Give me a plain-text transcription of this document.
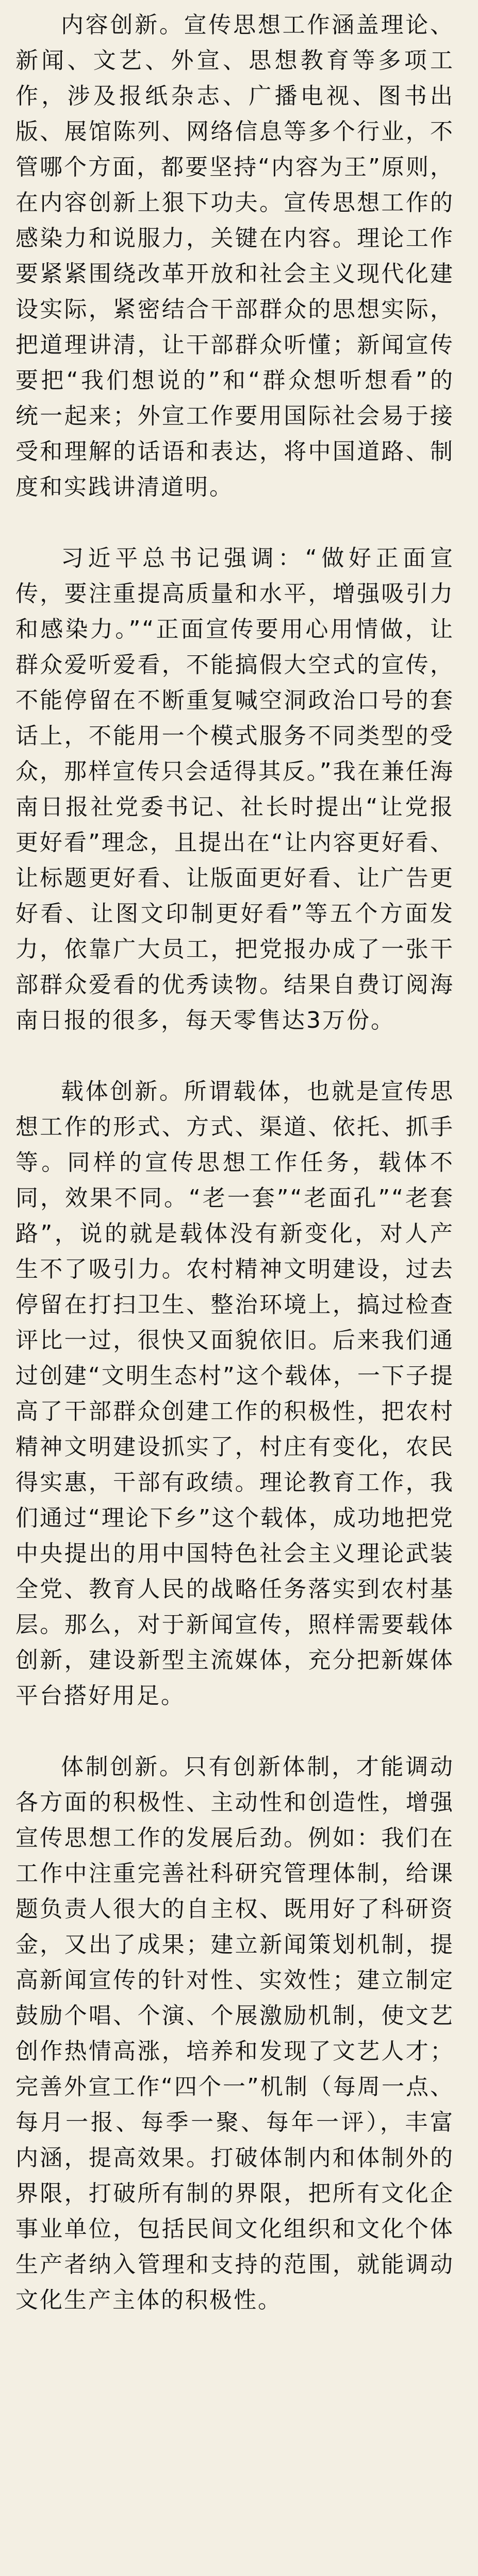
内容创新。宣传思想工作涵盖理论、新闻、文艺、外宣、思想教育等多项工作，涉及报纸杂志、广播电视、图书出版、展馆陈列、网络信息等多个行业，不管哪个方面，都要坚持“内容为王”原则，在内容创新上狠下功夫。宣传思想工作的感染力和说服力，关键在内容。理论工作要紧紧围绕改革开放和社会主义现代化建设实际，紧密结合干部群众的思想实际，把道理讲清，让干部群众听懂；新闻宣传要把“我们想说的”和“群众想听想看”的统一起来；外宣工作要用国际社会易于接受和理解的话语和表达，将中国道路、制度和实践讲清道明。

习近平总书记强调：“做好正面宣传，要注重提高质量和水平，增强吸引力和感染力。”“正面宣传要用心用情做，让群众爱听爱看，不能搞假大空式的宣传，不能停留在不断重复喊空洞政治口号的套话上，不能用一个模式服务不同类型的受众，那样宣传只会适得其反。”我在兼任海南日报社党委书记、社长时提出“让党报更好看”理念，且提出在“让内容更好看、让标题更好看、让版面更好看、让广告更好看、让图文印制更好看”等五个方面发力，依靠广大员工，把党报办成了一张干部群众爱看的优秀读物。结果自费订阅海南日报的很多，每天零售达3万份。

载体创新。所谓载体，也就是宣传思想工作的形式、方式、渠道、依托、抓手等。同样的宣传思想工作任务，载体不同，效果不同。“老一套”“老面孔”“老套路”，说的就是载体没有新变化，对人产生不了吸引力。农村精神文明建设，过去停留在打扫卫生、整治环境上，搞过检查评比一过，很快又面貌依旧。后来我们通过创建“文明生态村”这个载体，一下子提高了干部群众创建工作的积极性，把农村精神文明建设抓实了，村庄有变化，农民得实惠，干部有政绩。理论教育工作，我们通过“理论下乡”这个载体，成功地把党中央提出的用中国特色社会主义理论武装全党、教育人民的战略任务落实到农村基层。那么，对于新闻宣传，照样需要载体创新，建设新型主流媒体，充分把新媒体平台搭好用足。

体制创新。只有创新体制，才能调动各方面的积极性、主动性和创造性，增强宣传思想工作的发展后劲。例如：我们在工作中注重完善社科研究管理体制，给课题负责人很大的自主权、既用好了科研资金，又出了成果；建立新闻策划机制，提高新闻宣传的针对性、实效性；建立制定鼓励个唱、个演、个展激励机制，使文艺创作热情高涨，培养和发现了文艺人才；完善外宣工作“四个一”机制（每周一点、每月一报、每季一聚、每年一评），丰富内涵，提高效果。打破体制内和体制外的界限，打破所有制的界限，把所有文化企事业单位，包括民间文化组织和文化个体生产者纳入管理和支持的范围，就能调动文化生产主体的积极性。
